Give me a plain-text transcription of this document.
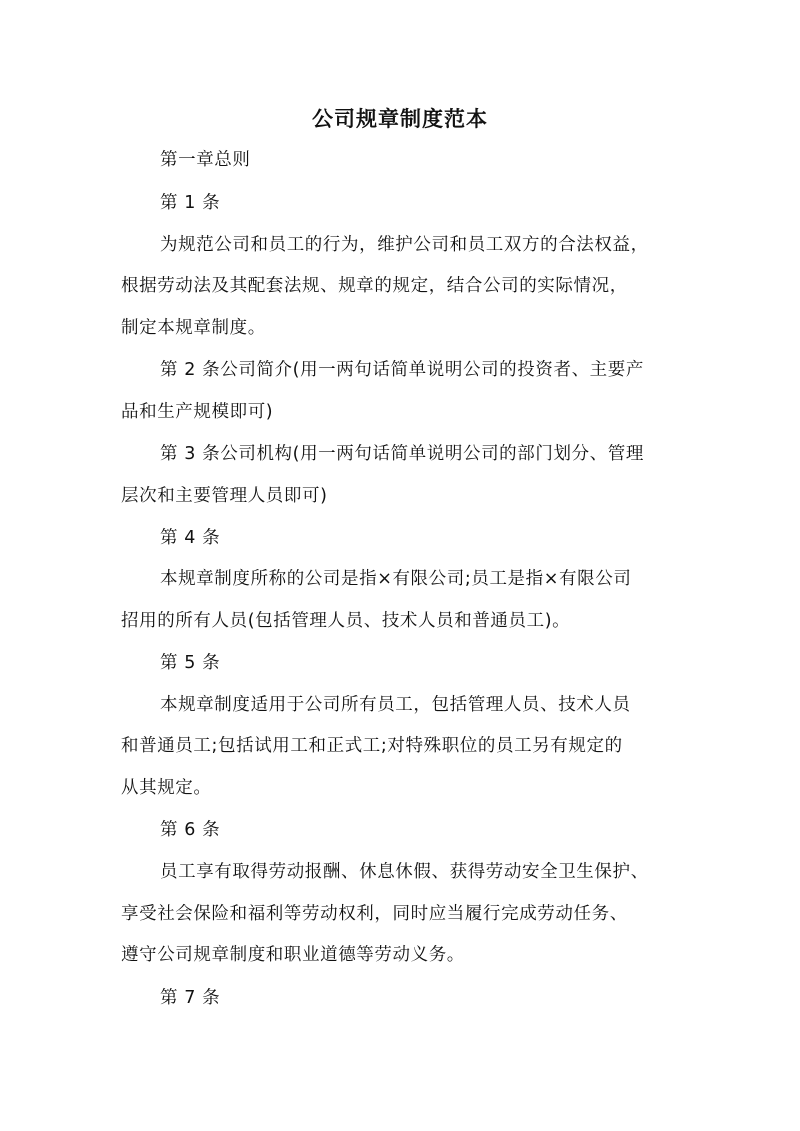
公司规章制度范本
第一章总则
第 1 条
为规范公司和员工的行为，维护公司和员工双方的合法权益，
根据劳动法及其配套法规、规章的规定，结合公司的实际情况，
制定本规章制度。
第 2 条公司简介(用一两句话简单说明公司的投资者、主要产
品和生产规模即可)
第 3 条公司机构(用一两句话简单说明公司的部门划分、管理
层次和主要管理人员即可)
第 4 条
本规章制度所称的公司是指×有限公司;员工是指×有限公司
招用的所有人员(包括管理人员、技术人员和普通员工)。
第 5 条
本规章制度适用于公司所有员工，包括管理人员、技术人员
和普通员工;包括试用工和正式工;对特殊职位的员工另有规定的
从其规定。
第 6 条
员工享有取得劳动报酬、休息休假、获得劳动安全卫生保护、
享受社会保险和福利等劳动权利，同时应当履行完成劳动任务、
遵守公司规章制度和职业道德等劳动义务。
第 7 条
